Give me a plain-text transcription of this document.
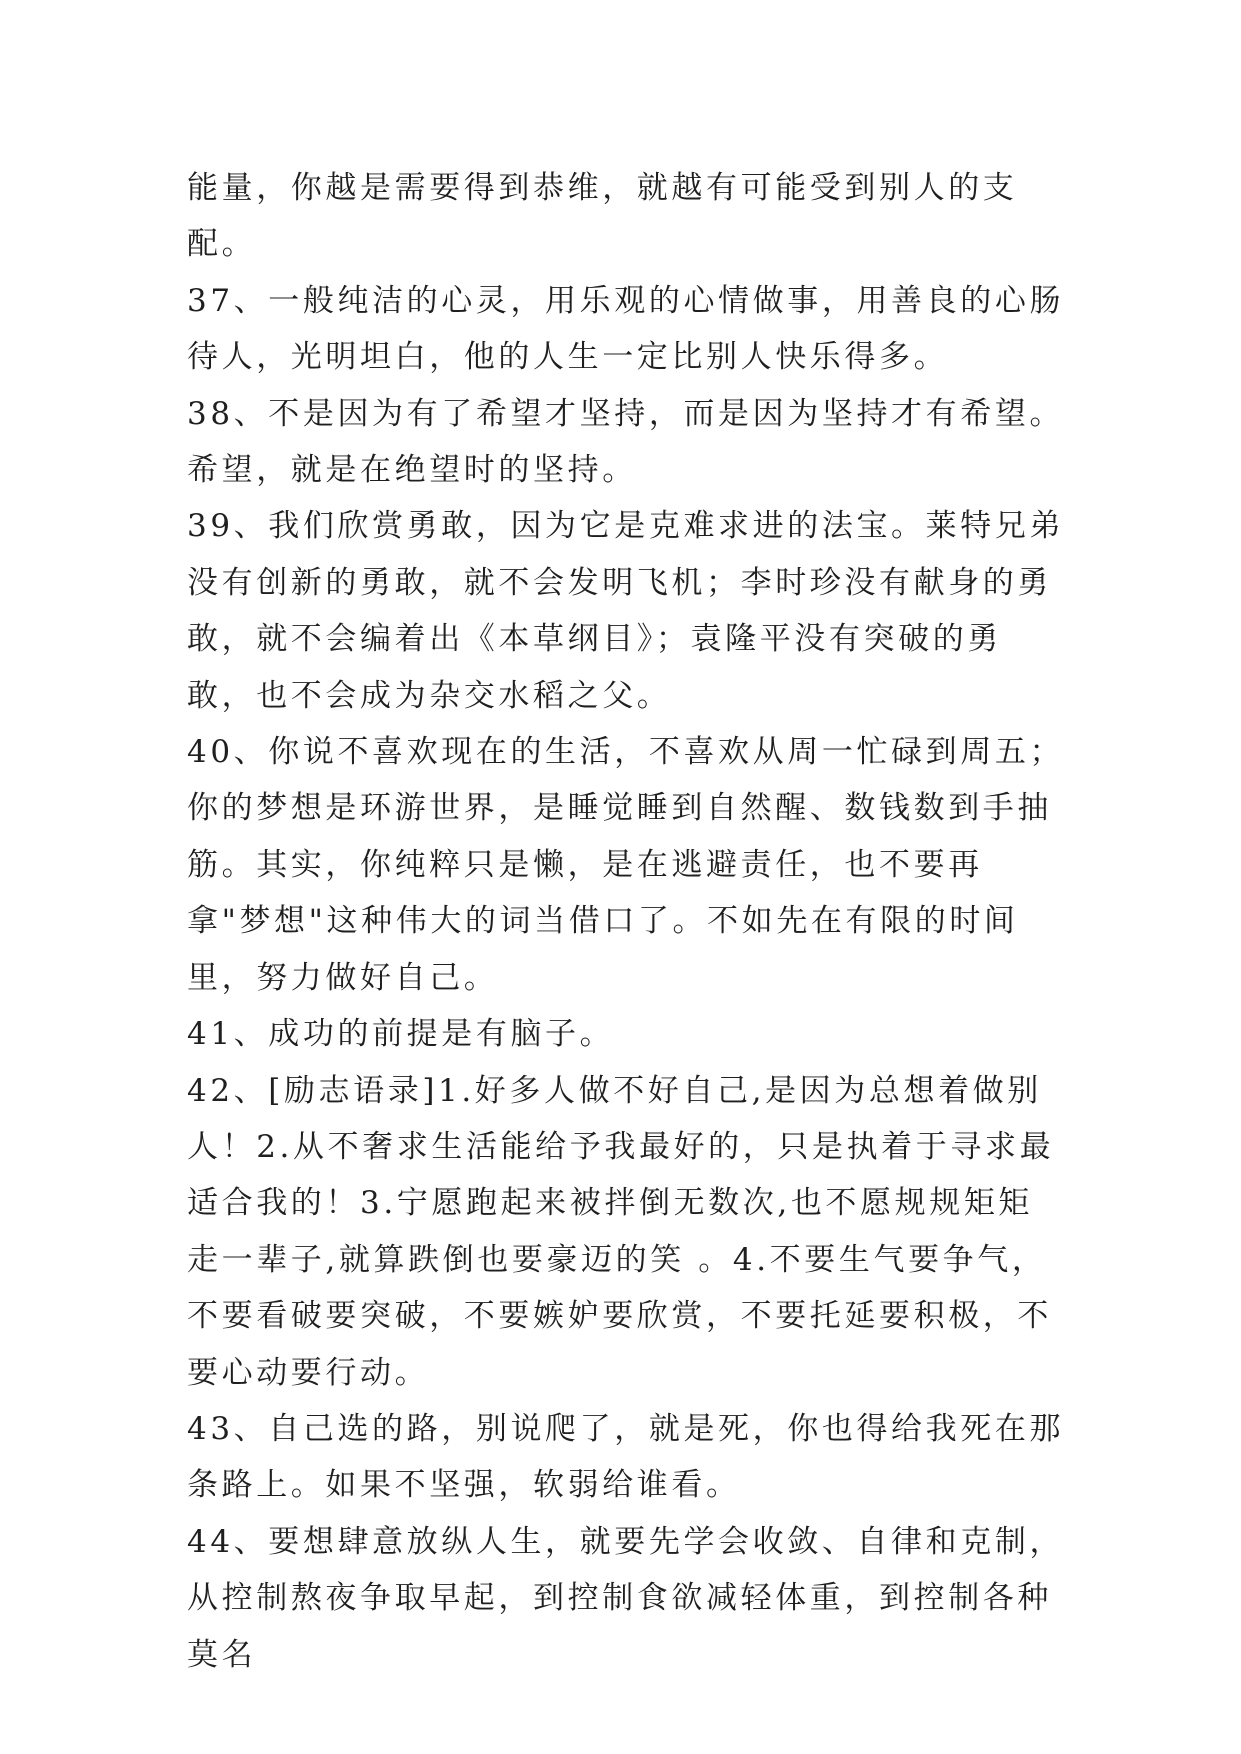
能量，你越是需要得到恭维，就越有可能受到别人的支配。

37、一般纯洁的心灵，用乐观的心情做事，用善良的心肠待人，光明坦白，他的人生一定比别人快乐得多。

38、不是因为有了希望才坚持，而是因为坚持才有希望。希望，就是在绝望时的坚持。

39、我们欣赏勇敢，因为它是克难求进的法宝。莱特兄弟没有创新的勇敢，就不会发明飞机；李时珍没有献身的勇敢，就不会编着出《本草纲目》；袁隆平没有突破的勇敢，也不会成为杂交水稻之父。

40、你说不喜欢现在的生活，不喜欢从周一忙碌到周五；你的梦想是环游世界，是睡觉睡到自然醒、数钱数到手抽筋。其实，你纯粹只是懒，是在逃避责任，也不要再拿"梦想"这种伟大的词当借口了。不如先在有限的时间里，努力做好自己。

41、成功的前提是有脑子。

42、[励志语录]1.好多人做不好自己,是因为总想着做别人！2.从不奢求生活能给予我最好的，只是执着于寻求最适合我的！3.宁愿跑起来被拌倒无数次,也不愿规规矩矩走一辈子,就算跌倒也要豪迈的笑 。4.不要生气要争气，不要看破要突破，不要嫉妒要欣赏，不要托延要积极，不要心动要行动。

43、自己选的路，别说爬了，就是死，你也得给我死在那条路上。如果不坚强，软弱给谁看。

44、要想肆意放纵人生，就要先学会收敛、自律和克制，从控制熬夜争取早起，到控制食欲减轻体重，到控制各种莫名
